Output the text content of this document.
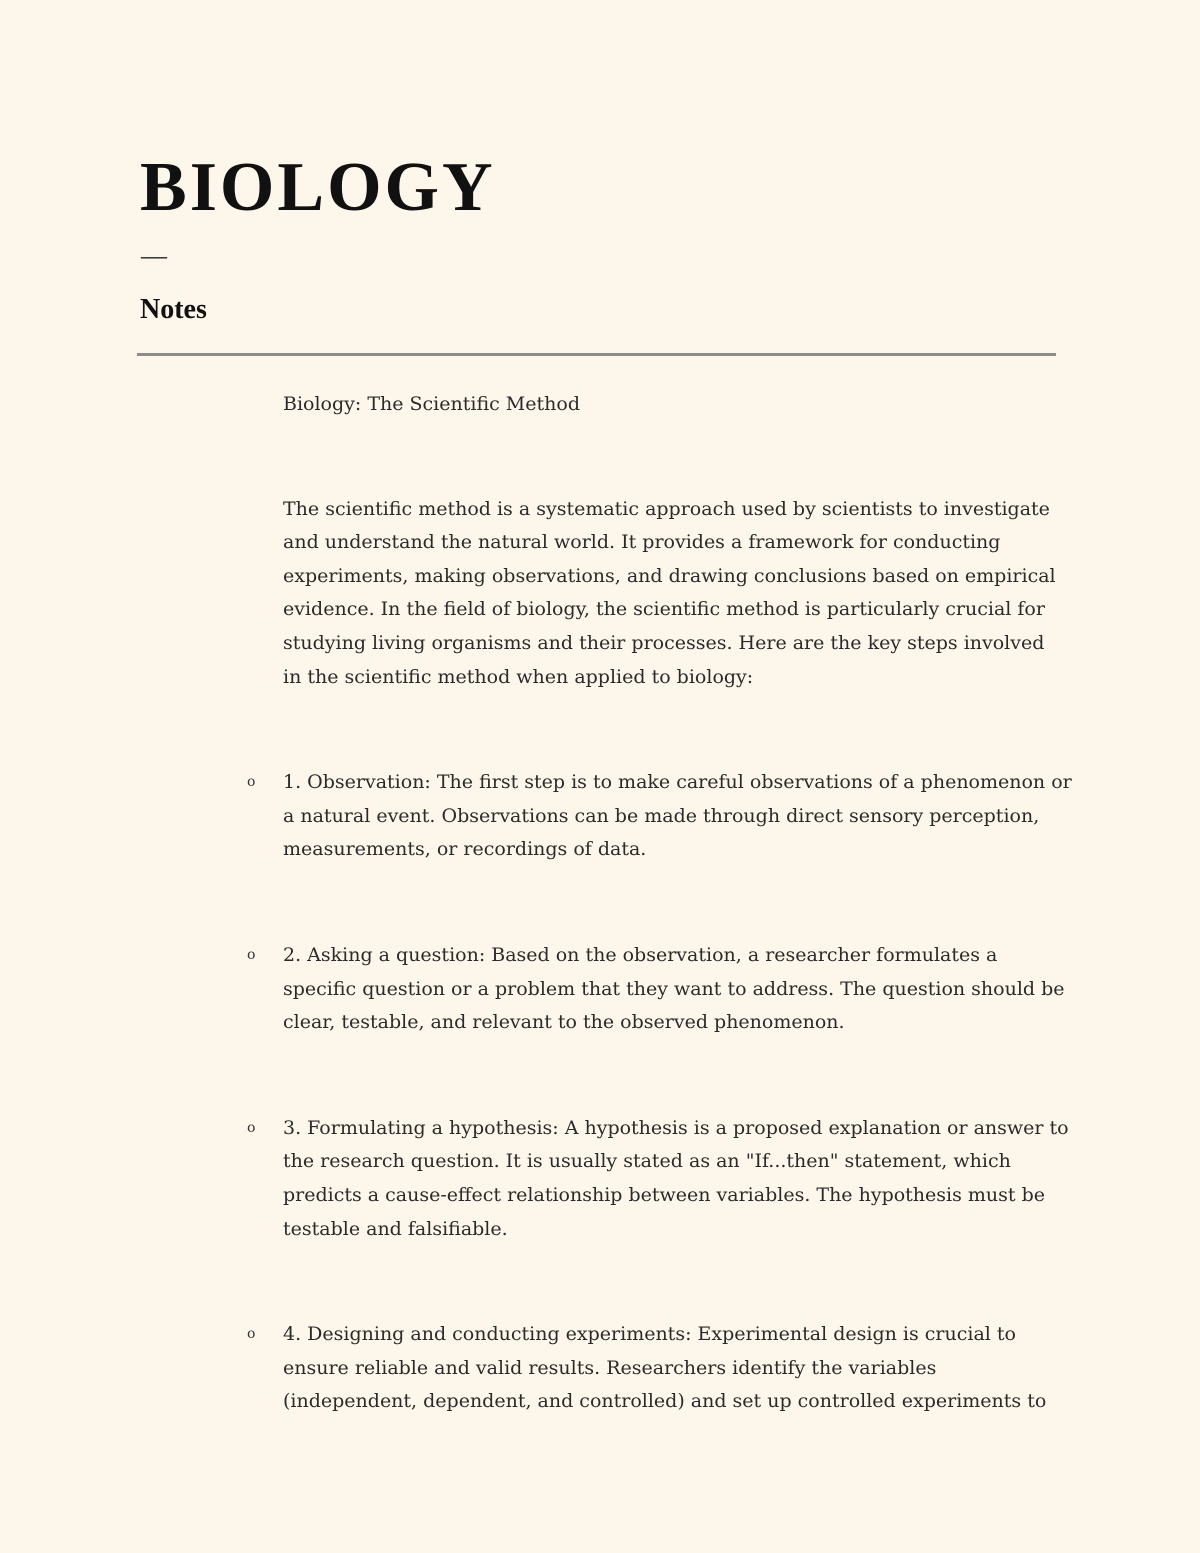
BIOLOGY
—
Notes

Biology: The Scientific Method

The scientific method is a systematic approach used by scientists to investigate and understand the natural world. It provides a framework for conducting experiments, making observations, and drawing conclusions based on empirical evidence. In the field of biology, the scientific method is particularly crucial for studying living organisms and their processes. Here are the key steps involved in the scientific method when applied to biology:

o 1. Observation: The first step is to make careful observations of a phenomenon or a natural event. Observations can be made through direct sensory perception, measurements, or recordings of data.
o 2. Asking a question: Based on the observation, a researcher formulates a specific question or a problem that they want to address. The question should be clear, testable, and relevant to the observed phenomenon.
o 3. Formulating a hypothesis: A hypothesis is a proposed explanation or answer to the research question. It is usually stated as an "If...then" statement, which predicts a cause-effect relationship between variables. The hypothesis must be testable and falsifiable.
o 4. Designing and conducting experiments: Experimental design is crucial to ensure reliable and valid results. Researchers identify the variables (independent, dependent, and controlled) and set up controlled experiments to
